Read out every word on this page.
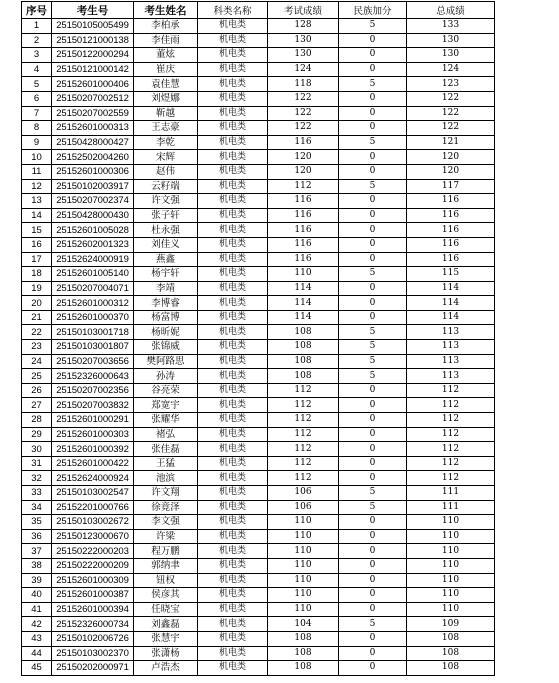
序号	考生号	考生姓名	科类名称	考试成绩	民族加分	总成绩
1	25150105005499	李柏承	机电类	128	5	133
2	25150121000138	李佳雨	机电类	130	0	130
3	25150122000294	董炫	机电类	130	0	130
4	25150121000142	崔庆	机电类	124	0	124
5	25152601000406	袁佳慧	机电类	118	5	123
6	25150207002512	刘煜娜	机电类	122	0	122
7	25150207002559	靳越	机电类	122	0	122
8	25152601000313	王志豪	机电类	122	0	122
9	25150428000427	李乾	机电类	116	5	121
10	25152502004260	宋辉	机电类	120	0	120
11	25152601000306	赵伟	机电类	120	0	120
12	25150102003917	云籽端	机电类	112	5	117
13	25150207002374	许文强	机电类	116	0	116
14	25150428000430	张子轩	机电类	116	0	116
15	25152601005028	杜永强	机电类	116	0	116
16	25152602001323	刘佳义	机电类	116	0	116
17	25152624000919	燕鑫	机电类	116	0	116
18	25152601005140	杨宇轩	机电类	110	5	115
19	25150207004071	李靖	机电类	114	0	114
20	25152601000312	李博睿	机电类	114	0	114
21	25152601000370	杨富博	机电类	114	0	114
22	25150103001718	杨昕妮	机电类	108	5	113
23	25150103001807	张锦威	机电类	108	5	113
24	25150207003656	樊阿路思	机电类	108	5	113
25	25152326000643	孙涛	机电类	108	5	113
26	25150207002356	谷亮荣	机电类	112	0	112
27	25150207003832	郑宽宇	机电类	112	0	112
28	25152601000291	张耀华	机电类	112	0	112
29	25152601000303	褚弘	机电类	112	0	112
30	25152601000392	张佳磊	机电类	112	0	112
31	25152601000422	王猛	机电类	112	0	112
32	25152624000924	池滨	机电类	112	0	112
33	25150103002547	许文翔	机电类	106	5	111
34	25152201000766	徐竟泽	机电类	106	5	111
35	25150103002672	李文强	机电类	110	0	110
36	25150123000670	许梁	机电类	110	0	110
37	25150222000203	程万鹏	机电类	110	0	110
38	25150222000209	郭纳聿	机电类	110	0	110
39	25152601000309	钮权	机电类	110	0	110
40	25152601000387	侯彦其	机电类	110	0	110
41	25152601000394	任晓宝	机电类	110	0	110
42	25152326000734	刘鑫磊	机电类	104	5	109
43	25150102006726	张慧宇	机电类	108	0	108
44	25150103002370	张潇杨	机电类	108	0	108
45	25150202000971	卢浩杰	机电类	108	0	108
